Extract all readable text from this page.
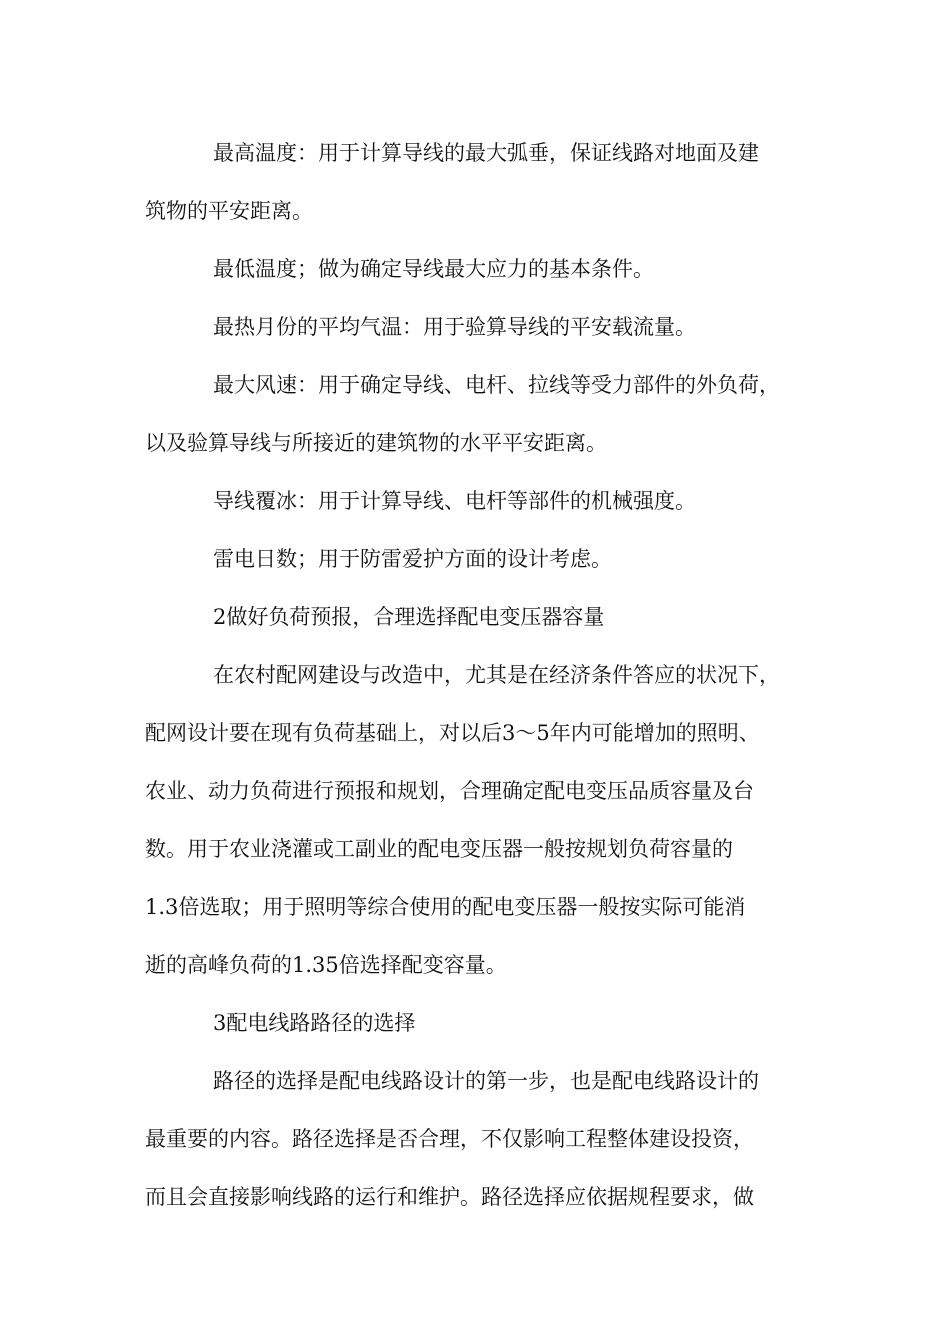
最高温度：用于计算导线的最大弧垂，保证线路对地面及建
筑物的平安距离。

最低温度；做为确定导线最大应力的基本条件。

最热月份的平均气温：用于验算导线的平安载流量。

最大风速：用于确定导线、电杆、拉线等受力部件的外负荷，
以及验算导线与所接近的建筑物的水平平安距离。

导线覆冰：用于计算导线、电杆等部件的机械强度。

雷电日数；用于防雷爱护方面的设计考虑。

2做好负荷预报，合理选择配电变压器容量

在农村配网建设与改造中，尤其是在经济条件答应的状况下，
配网设计要在现有负荷基础上，对以后3～5年内可能增加的照明、
农业、动力负荷进行预报和规划，合理确定配电变压品质容量及台
数。用于农业浇灌或工副业的配电变压器一般按规划负荷容量的
1.3倍选取；用于照明等综合使用的配电变压器一般按实际可能消
逝的高峰负荷的1.35倍选择配变容量。

3配电线路路径的选择

路径的选择是配电线路设计的第一步，也是配电线路设计的
最重要的内容。路径选择是否合理，不仅影响工程整体建设投资，
而且会直接影响线路的运行和维护。路径选择应依据规程要求，做
